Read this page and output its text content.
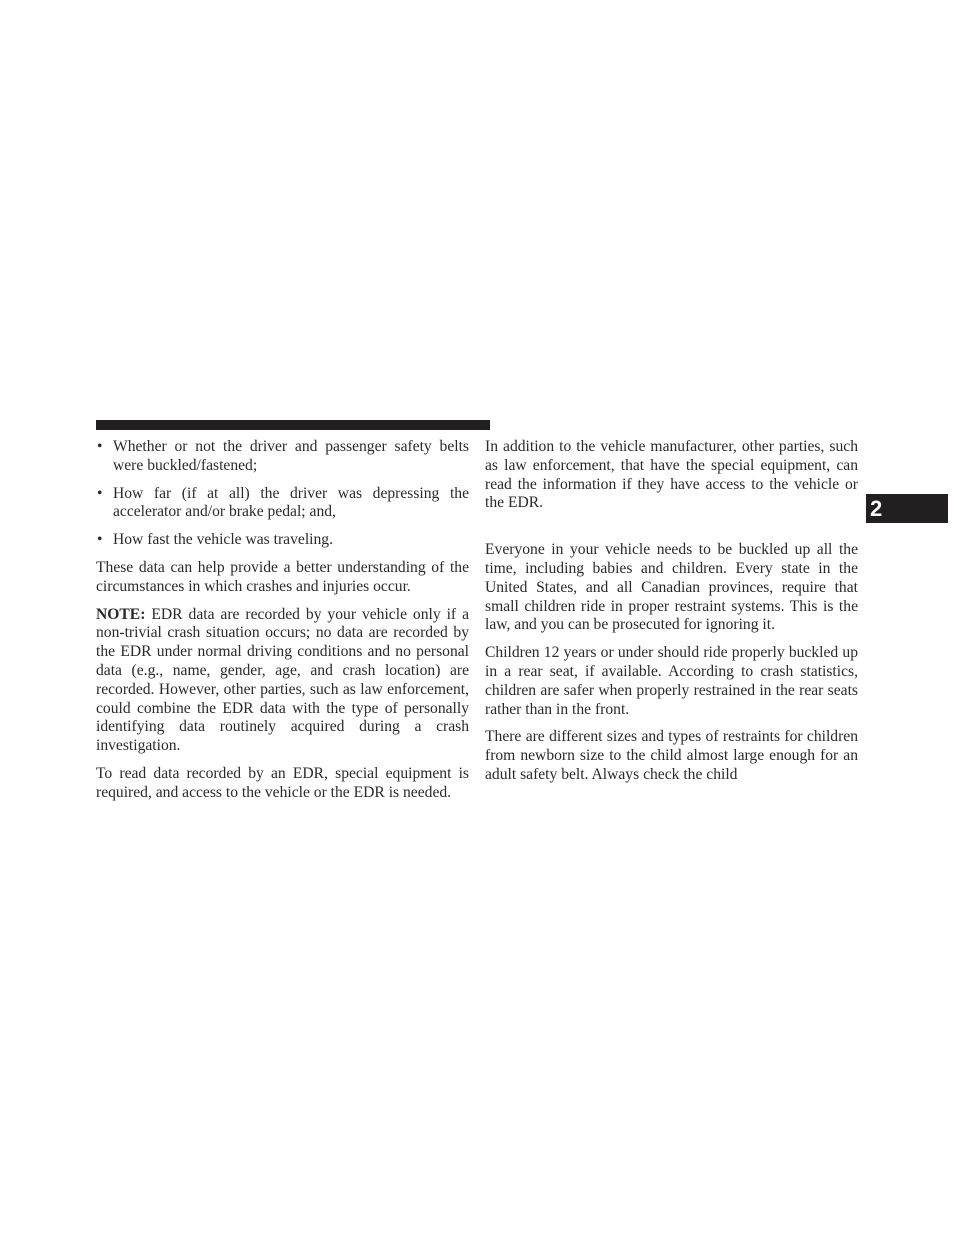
• Whether or not the driver and passenger safety belts were buckled/fastened;
• How far (if at all) the driver was depressing the accelerator and/or brake pedal; and,
• How fast the vehicle was traveling.

These data can help provide a better understanding of the circumstances in which crashes and injuries occur.

NOTE: EDR data are recorded by your vehicle only if a non-trivial crash situation occurs; no data are recorded by the EDR under normal driving conditions and no personal data (e.g., name, gender, age, and crash location) are recorded. However, other parties, such as law enforcement, could combine the EDR data with the type of personally identifying data routinely acquired during a crash investigation.

To read data recorded by an EDR, special equipment is required, and access to the vehicle or the EDR is needed.

In addition to the vehicle manufacturer, other parties, such as law enforcement, that have the special equipment, can read the information if they have access to the vehicle or the EDR.

Everyone in your vehicle needs to be buckled up all the time, including babies and children. Every state in the United States, and all Canadian provinces, require that small children ride in proper restraint systems. This is the law, and you can be prosecuted for ignoring it.

Children 12 years or under should ride properly buckled up in a rear seat, if available. According to crash statistics, children are safer when properly restrained in the rear seats rather than in the front.

There are different sizes and types of restraints for children from newborn size to the child almost large enough for an adult safety belt. Always check the child

2
